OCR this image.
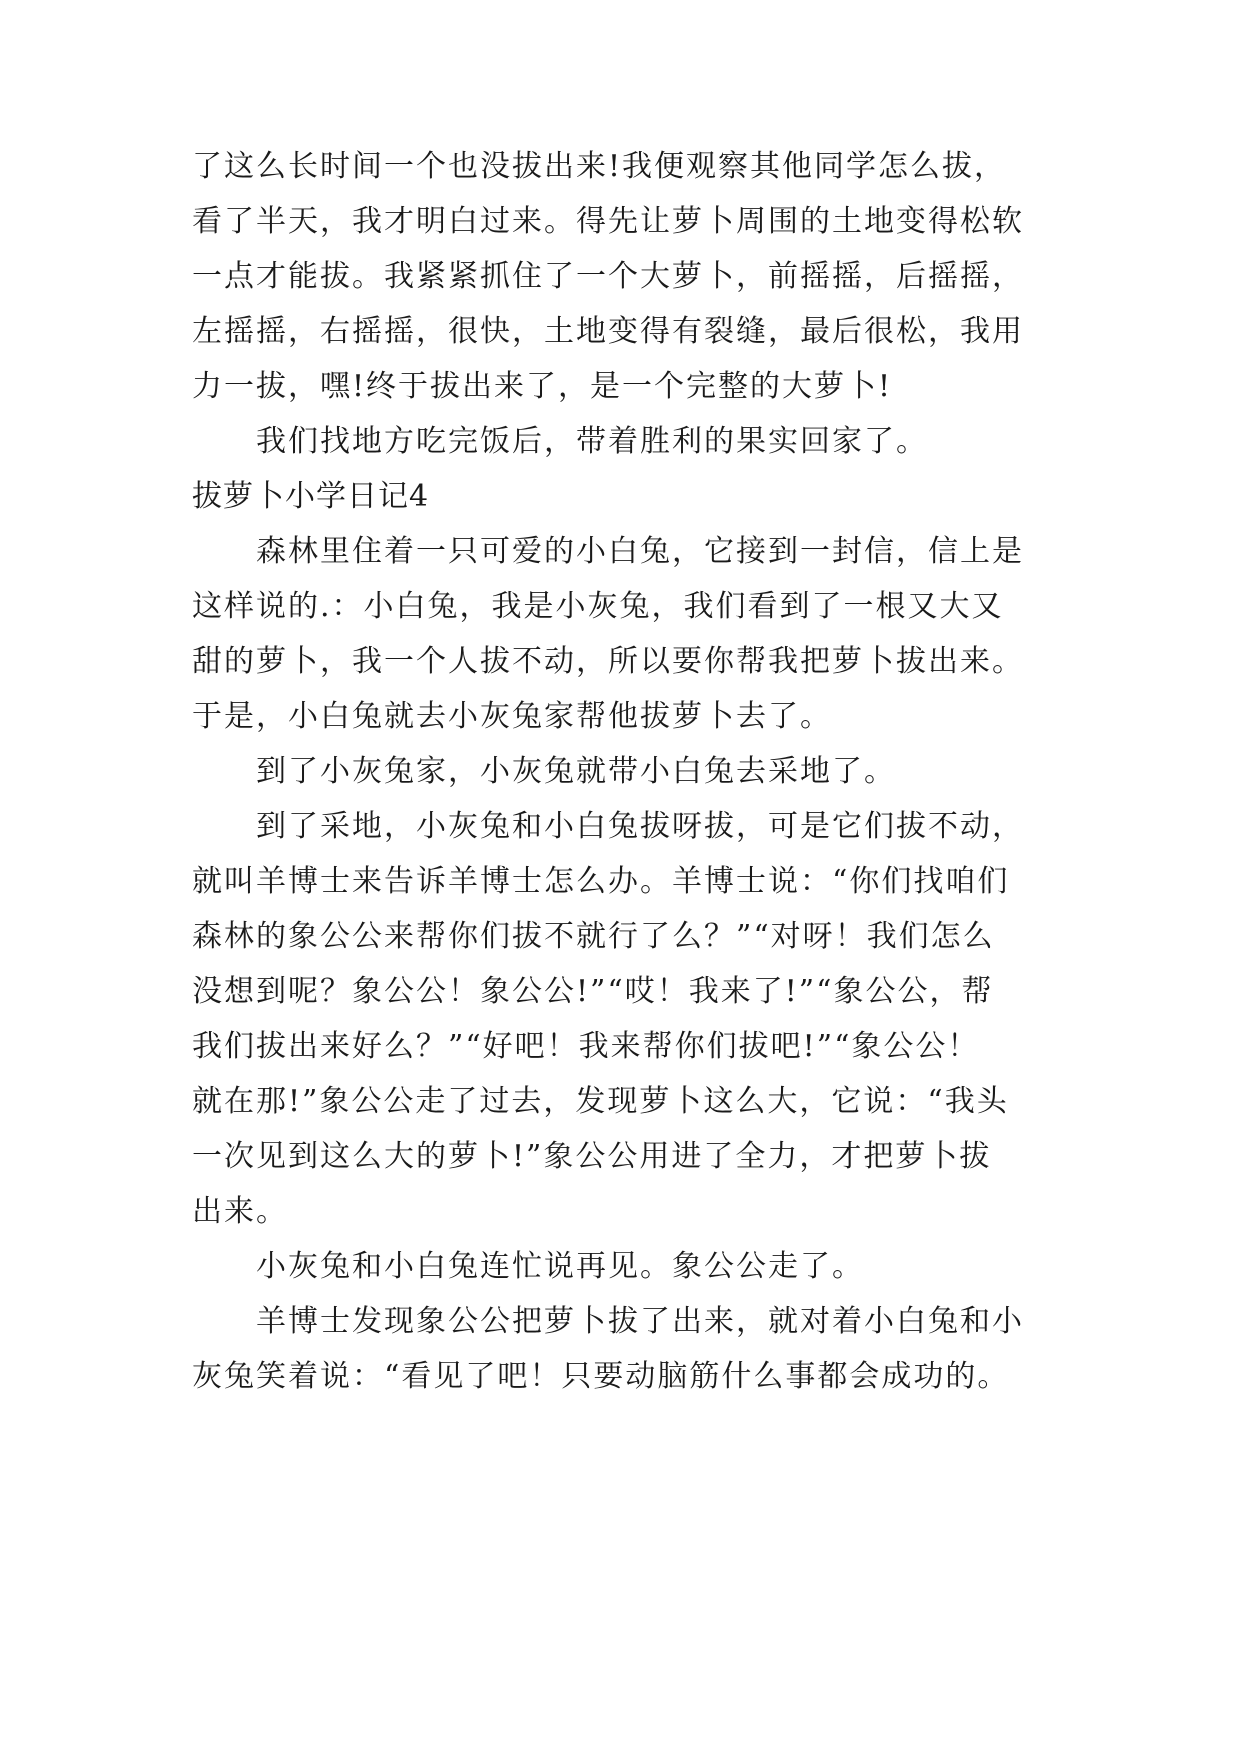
了这么长时间一个也没拔出来!我便观察其他同学怎么拔，
看了半天，我才明白过来。得先让萝卜周围的土地变得松软
一点才能拔。我紧紧抓住了一个大萝卜，前摇摇，后摇摇，
左摇摇，右摇摇，很快，土地变得有裂缝，最后很松，我用
力一拔，嘿!终于拔出来了，是一个完整的大萝卜!
我们找地方吃完饭后，带着胜利的果实回家了。
拔萝卜小学日记4
森林里住着一只可爱的小白兔，它接到一封信，信上是
这样说的.：小白兔，我是小灰兔，我们看到了一根又大又
甜的萝卜，我一个人拔不动，所以要你帮我把萝卜拔出来。
于是，小白兔就去小灰兔家帮他拔萝卜去了。
到了小灰兔家，小灰兔就带小白兔去采地了。
到了采地，小灰兔和小白兔拔呀拔，可是它们拔不动，
就叫羊博士来告诉羊博士怎么办。羊博士说：“你们找咱们
森林的象公公来帮你们拔不就行了么？”“对呀！我们怎么
没想到呢？象公公！象公公!”“哎！我来了!”“象公公，帮
我们拔出来好么？”“好吧！我来帮你们拔吧!”“象公公！
就在那!”象公公走了过去，发现萝卜这么大，它说：“我头
一次见到这么大的萝卜!”象公公用进了全力，才把萝卜拔
出来。
小灰兔和小白兔连忙说再见。象公公走了。
羊博士发现象公公把萝卜拔了出来，就对着小白兔和小
灰兔笑着说：“看见了吧！只要动脑筋什么事都会成功的。
